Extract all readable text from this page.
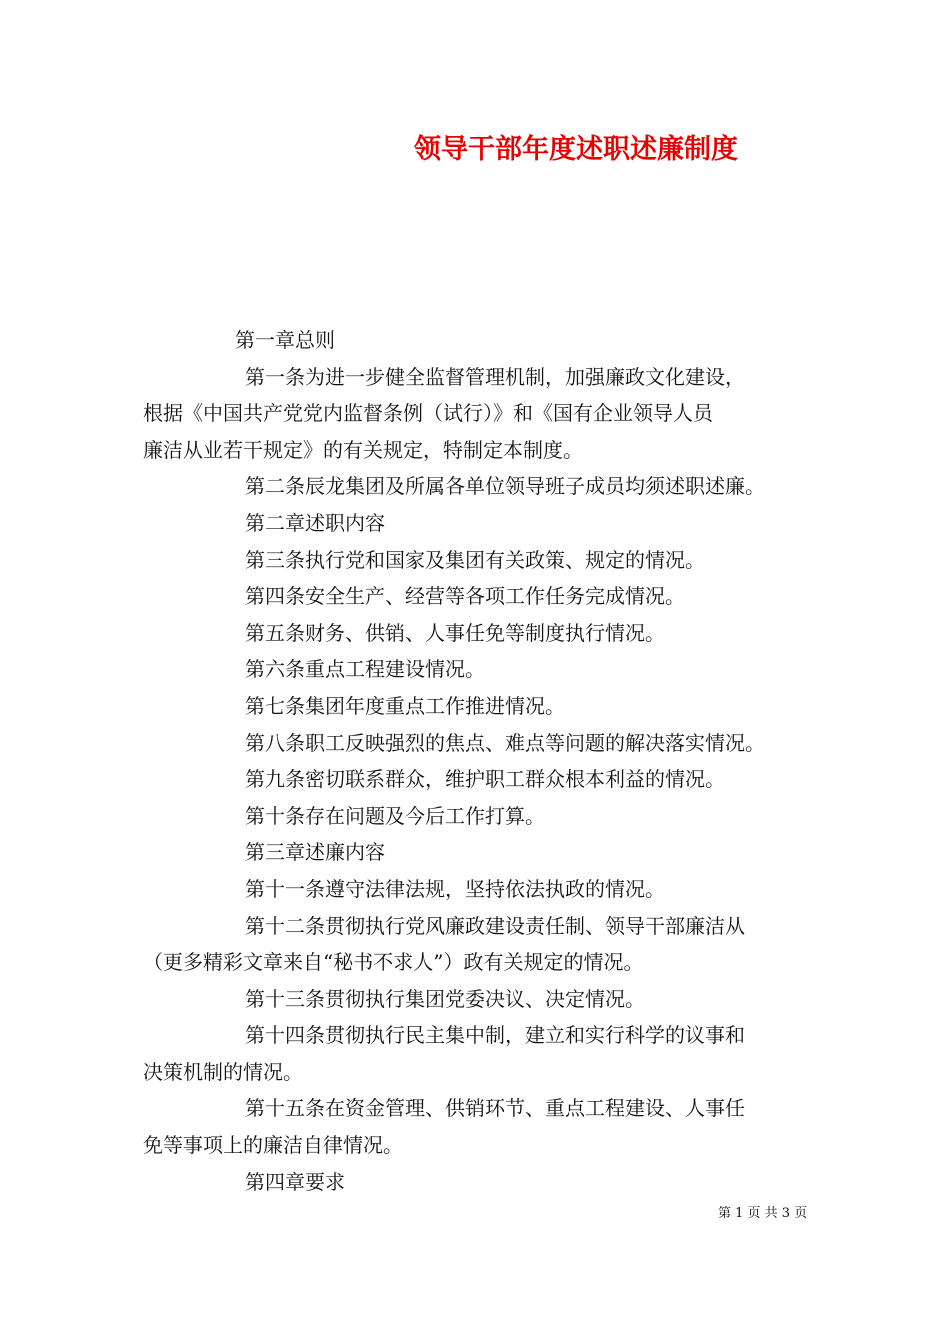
领导干部年度述职述廉制度

第一章总则

第一条为进一步健全监督管理机制，加强廉政文化建设，

根据《中国共产党党内监督条例（试行）》和《国有企业领导人员

廉洁从业若干规定》的有关规定，特制定本制度。

第二条辰龙集团及所属各单位领导班子成员均须述职述廉。

第二章述职内容

第三条执行党和国家及集团有关政策、规定的情况。

第四条安全生产、经营等各项工作任务完成情况。

第五条财务、供销、人事任免等制度执行情况。

第六条重点工程建设情况。

第七条集团年度重点工作推进情况。

第八条职工反映强烈的焦点、难点等问题的解决落实情况。

第九条密切联系群众，维护职工群众根本利益的情况。

第十条存在问题及今后工作打算。

第三章述廉内容

第十一条遵守法律法规，坚持依法执政的情况。

第十二条贯彻执行党风廉政建设责任制、领导干部廉洁从

（更多精彩文章来自“秘书不求人”）政有关规定的情况。

第十三条贯彻执行集团党委决议、决定情况。

第十四条贯彻执行民主集中制，建立和实行科学的议事和

决策机制的情况。

第十五条在资金管理、供销环节、重点工程建设、人事任

免等事项上的廉洁自律情况。

第四章要求

第 1 页 共 3 页
